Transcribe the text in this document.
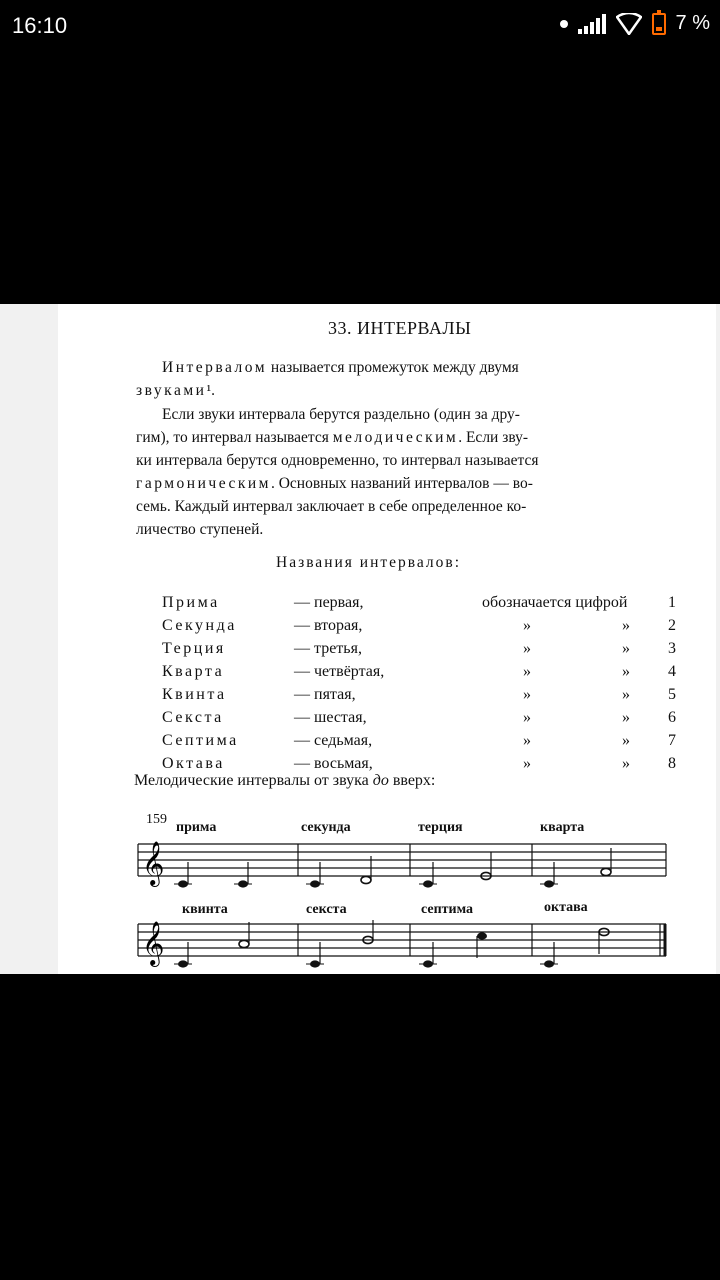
16:10	7 %
33. ИНТЕРВАЛЫ
Интервалом называется промежуток между двумя
звуками¹.
Если звуки интервала берутся раздельно (один за дру-
гим), то интервал называется мелодическим. Если зву-
ки интервала берутся одновременно, то интервал называется
гармоническим. Основных названий интервалов — во-
семь. Каждый интервал заключает в себе определенное ко-
личество ступеней.
Названия интервалов:
Прима	— первая,	обозначается цифрой	1
Секунда	— вторая,	»	» 2
Терция	— третья,	»	» 3
Кварта	— четвёртая,	»	» 4
Квинта	— пятая,	»	» 5
Секста	— шестая,	»	» 6
Септима	— седьмая,	»	» 7
Октава	— восьмая,	»	» 8
Мелодические интервалы от звука до вверх:
159
прима	секунда	терция	кварта
𝄞
квинта	секста	септима	октава
𝄞
